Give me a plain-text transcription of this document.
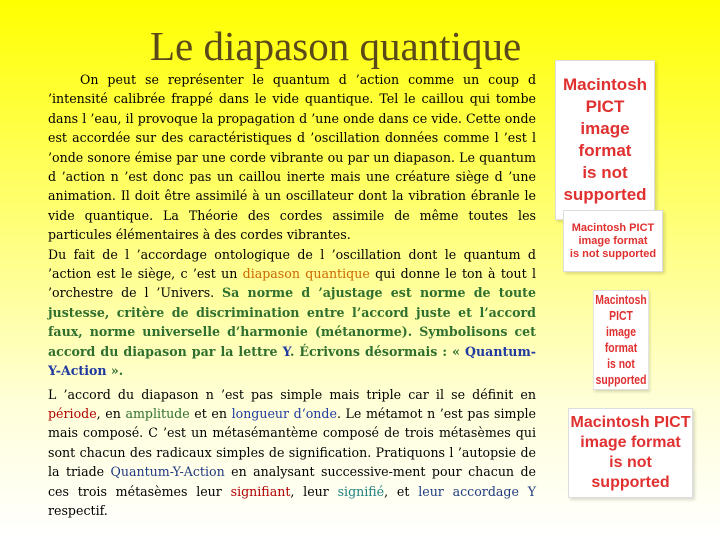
Le diapason quantique

On peut se représenter le quantum d ’action comme un coup d ’intensité calibrée frappé dans le vide quantique. Tel le caillou qui tombe dans l ’eau, il provoque la propagation d ’une onde dans ce vide. Cette onde est accordée sur des caractéristiques d ’oscillation données comme l ’est l ’onde sonore émise par une corde vibrante ou par un diapason. Le quantum d ’action n ’est donc pas un caillou inerte mais une créature siège d ’une animation. Il doit être assimilé à un oscillateur dont la vibration ébranle le vide quantique. La Théorie des cordes assimile de même toutes les particules élémentaires à des cordes vibrantes.

Du fait de l ’accordage ontologique de l ’oscillation dont le quantum d ’action est le siège, c ’est un diapason quantique qui donne le ton à tout l ’orchestre de l ’Univers. Sa norme d ’ajustage est norme de toute justesse, critère de discrimination entre l’accord juste et l’accord faux, norme universelle d’harmonie (métanorme). Symbolisons cet accord du diapason par la lettre Y. Écrivons désormais : « Quantum-Y-Action ».

L ’accord du diapason n ’est pas simple mais triple car il se définit en période, en amplitude et en longueur d‘onde. Le métamot n ’est pas simple mais composé. C ’est un métasémantème composé de trois métasèmes qui sont chacun des radicaux simples de signification. Pratiquons l ’autopsie de la triade Quantum-Y-Action en analysant successive-ment pour chacun de ces trois métasèmes leur signifiant, leur signifié, et leur accordage Y respectif.

Macintosh PICT
image format
is not supported
Macintosh PICT
image format
is not supported
Macintosh PICT
image format
is not supported
Macintosh PICT
image format
is not supported
